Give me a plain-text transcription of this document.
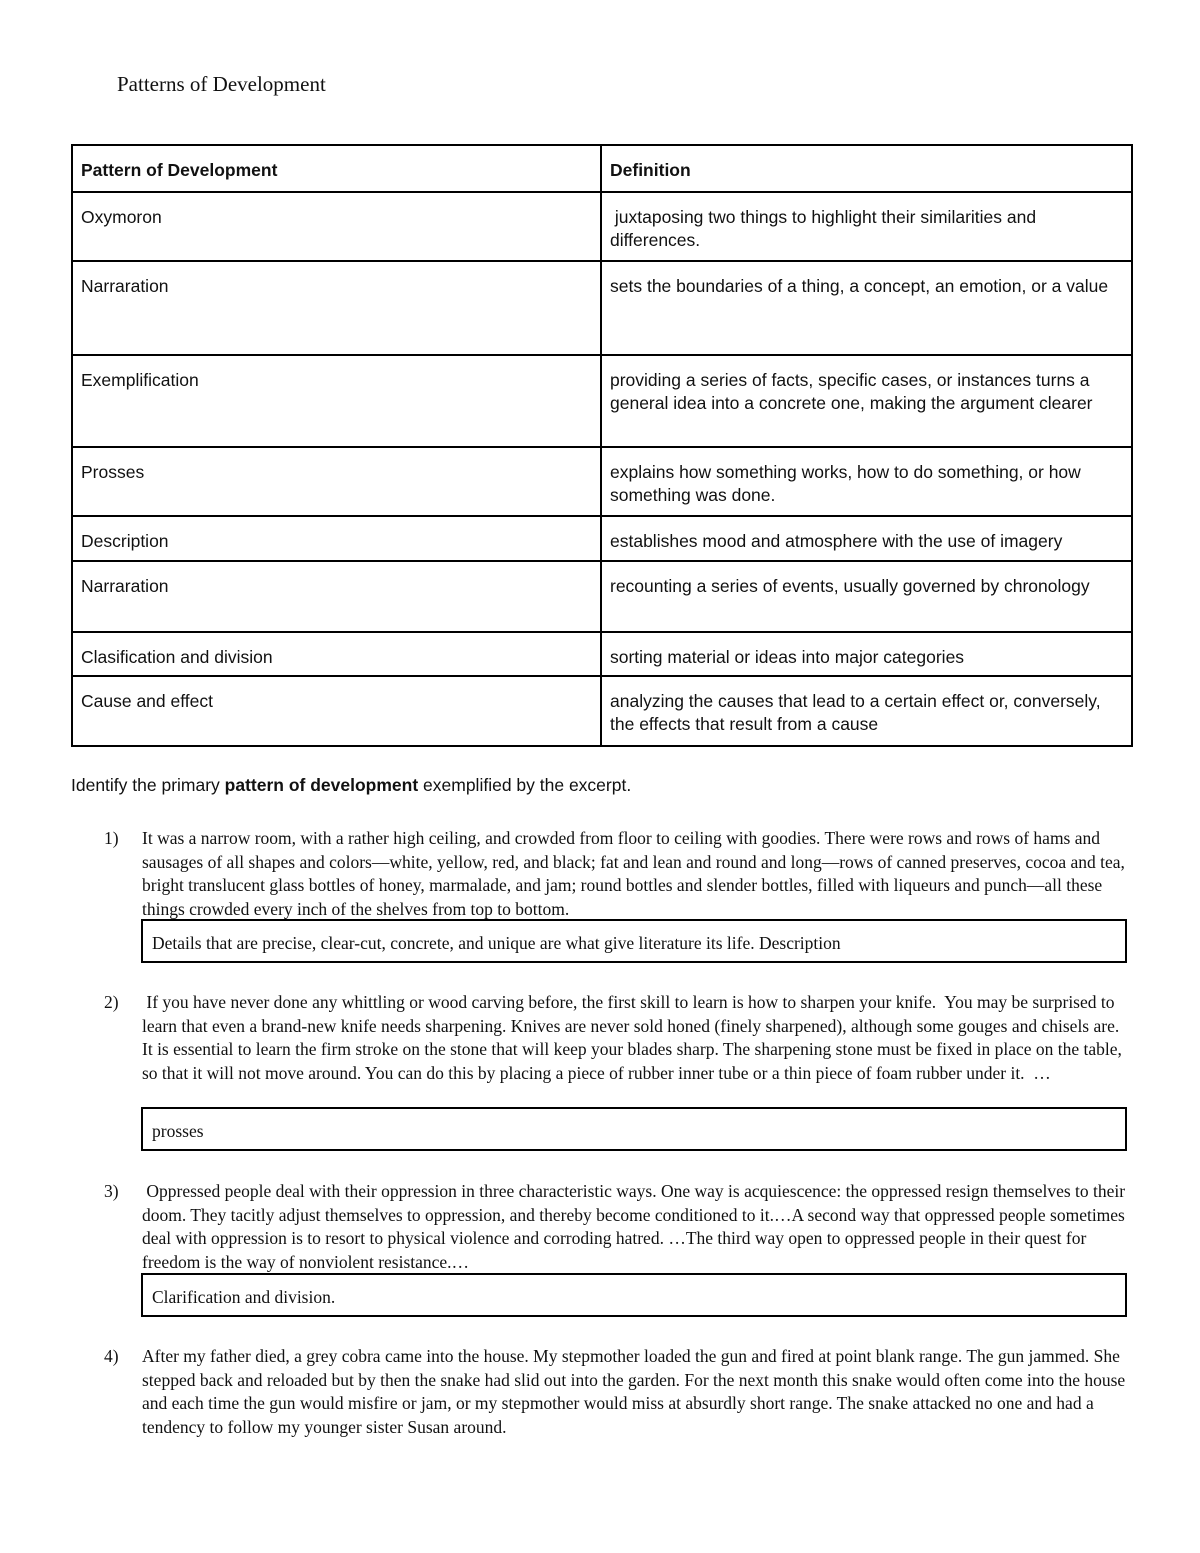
Patterns of Development
Pattern of Development	Definition
Oxymoron	juxtaposing two things to highlight their similarities and differences.
Narraration	sets the boundaries of a thing, a concept, an emotion, or a value
Exemplification	providing a series of facts, specific cases, or instances turns a general idea into a concrete one, making the argument clearer
Prosses	explains how something works, how to do something, or how something was done.
Description	establishes mood and atmosphere with the use of imagery
Narraration	recounting a series of events, usually governed by chronology
Clasification and division	sorting material or ideas into major categories
Cause and effect	analyzing the causes that lead to a certain effect or, conversely, the effects that result from a cause
Identify the primary pattern of development exemplified by the excerpt.
1) It was a narrow room, with a rather high ceiling, and crowded from floor to ceiling with goodies. There were rows and rows of hams and sausages of all shapes and colors—white, yellow, red, and black; fat and lean and round and long—rows of canned preserves, cocoa and tea, bright translucent glass bottles of honey, marmalade, and jam; round bottles and slender bottles, filled with liqueurs and punch—all these things crowded every inch of the shelves from top to bottom.
Details that are precise, clear-cut, concrete, and unique are what give literature its life. Description
2) If you have never done any whittling or wood carving before, the first skill to learn is how to sharpen your knife.  You may be surprised to learn that even a brand-new knife needs sharpening. Knives are never sold honed (finely sharpened), although some gouges and chisels are. It is essential to learn the firm stroke on the stone that will keep your blades sharp. The sharpening stone must be fixed in place on the table, so that it will not move around. You can do this by placing a piece of rubber inner tube or a thin piece of foam rubber under it.  …
prosses
3) Oppressed people deal with their oppression in three characteristic ways. One way is acquiescence: the oppressed resign themselves to their doom. They tacitly adjust themselves to oppression, and thereby become conditioned to it.…A second way that oppressed people sometimes deal with oppression is to resort to physical violence and corroding hatred. …The third way open to oppressed people in their quest for freedom is the way of nonviolent resistance.…
Clarification and division.
4) After my father died, a grey cobra came into the house. My stepmother loaded the gun and fired at point blank range. The gun jammed. She stepped back and reloaded but by then the snake had slid out into the garden. For the next month this snake would often come into the house and each time the gun would misfire or jam, or my stepmother would miss at absurdly short range. The snake attacked no one and had a tendency to follow my younger sister Susan around.
